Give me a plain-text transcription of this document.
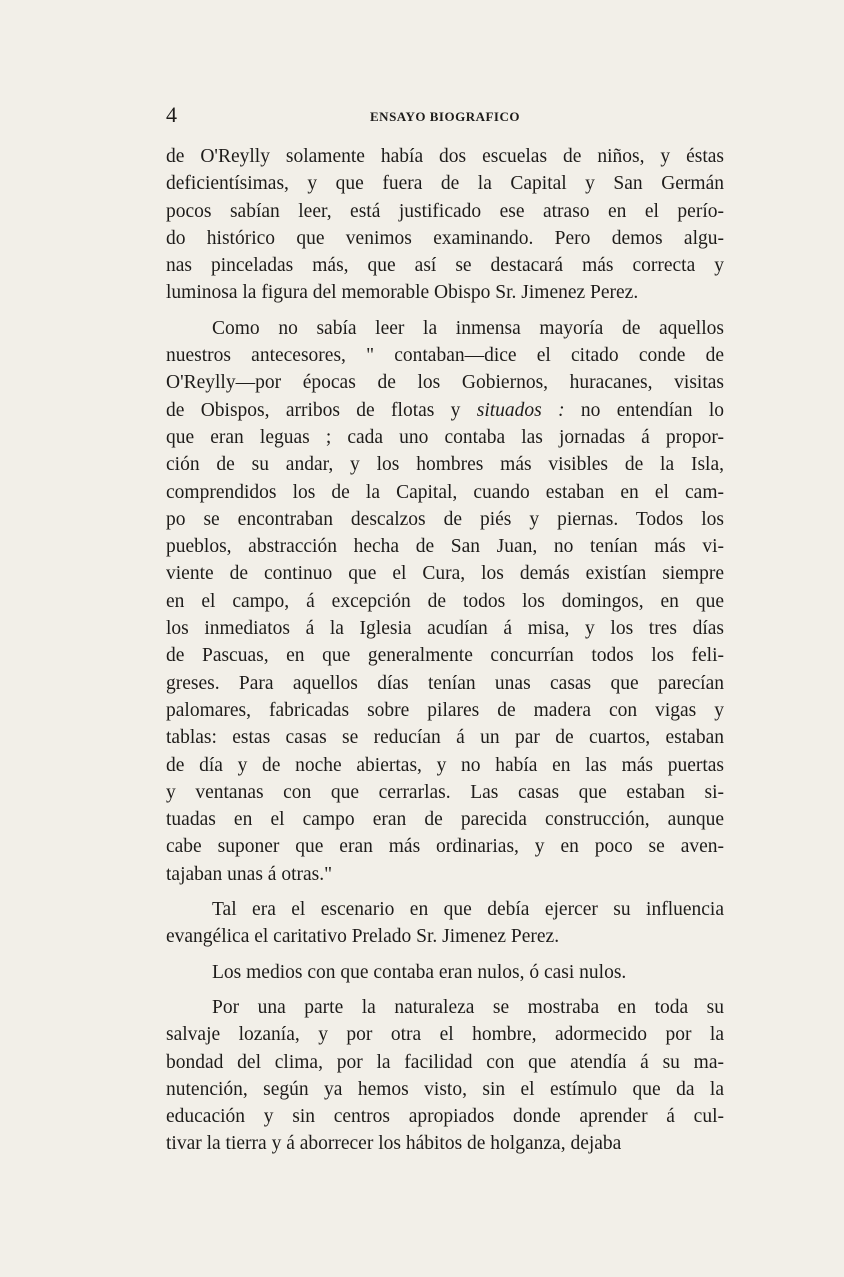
4	ENSAYO BIOGRAFICO
de O'Reylly solamente había dos escuelas de niños, y éstas
deficientísimas, y que fuera de la Capital y San Germán
pocos sabían leer, está justificado ese atraso en el perío-
do histórico que venimos examinando. Pero demos algu-
nas pinceladas más, que así se destacará más correcta y
luminosa la figura del memorable Obispo Sr. Jimenez Perez.
Como no sabía leer la inmensa mayoría de aquellos
nuestros antecesores, " contaban—dice el citado conde de
O'Reylly—por épocas de los Gobiernos, huracanes, visitas
de Obispos, arribos de flotas y situados : no entendían lo
que eran leguas ; cada uno contaba las jornadas á propor-
ción de su andar, y los hombres más visibles de la Isla,
comprendidos los de la Capital, cuando estaban en el cam-
po se encontraban descalzos de piés y piernas. Todos los
pueblos, abstracción hecha de San Juan, no tenían más vi-
viente de continuo que el Cura, los demás existían siempre
en el campo, á excepción de todos los domingos, en que
los inmediatos á la Iglesia acudían á misa, y los tres días
de Pascuas, en que generalmente concurrían todos los feli-
greses. Para aquellos días tenían unas casas que parecían
palomares, fabricadas sobre pilares de madera con vigas y
tablas: estas casas se reducían á un par de cuartos, estaban
de día y de noche abiertas, y no había en las más puertas
y ventanas con que cerrarlas. Las casas que estaban si-
tuadas en el campo eran de parecida construcción, aunque
cabe suponer que eran más ordinarias, y en poco se aven-
tajaban unas á otras."
Tal era el escenario en que debía ejercer su influencia
evangélica el caritativo Prelado Sr. Jimenez Perez.
Los medios con que contaba eran nulos, ó casi nulos.
Por una parte la naturaleza se mostraba en toda su
salvaje lozanía, y por otra el hombre, adormecido por la
bondad del clima, por la facilidad con que atendía á su ma-
nutención, según ya hemos visto, sin el estímulo que da la
educación y sin centros apropiados donde aprender á cul-
tivar la tierra y á aborrecer los hábitos de holganza, dejaba
